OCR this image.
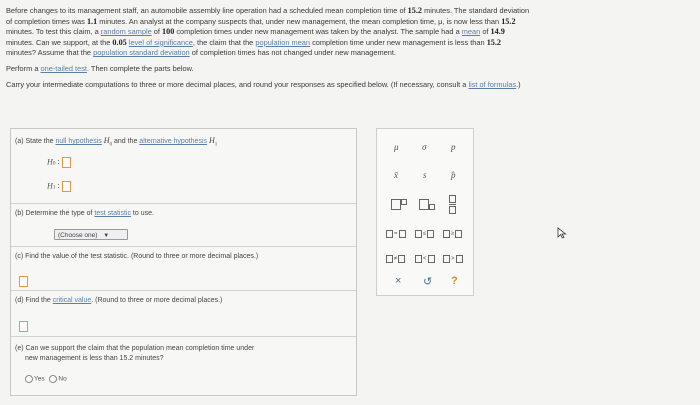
Before changes to its management staff, an automobile assembly line operation had a scheduled mean completion time of 15.2 minutes. The standard deviation

of completion times was 1.1 minutes. An analyst at the company suspects that, under new management, the mean completion time, μ, is now less than 15.2

minutes. To test this claim, a random sample of 100 completion times under new management was taken by the analyst. The sample had a mean of 14.9

minutes. Can we support, at the 0.05 level of significance, the claim that the population mean completion time under new management is less than 15.2

minutes? Assume that the population standard deviation of completion times has not changed under new management.

Perform a one-tailed test. Then complete the parts below.

Carry your intermediate computations to three or more decimal places, and round your responses as specified below. (If necessary, consult a list of formulas.)

(a) State the null hypothesis $H_0$ and the alternative hypothesis $H_1$
H0 :
H1 :
(b) Determine the type of test statistic to use.
(Choose one) ▼
(c) Find the value of the test statistic. (Round to three or more decimal places.)
(d) Find the critical value. (Round to three or more decimal places.)
(e) Can we support the claim that the population mean completion time under
new management is less than 15.2 minutes?
Yes No
μ	σ	p
x̄	s	p̂
=	≤	≥
≠	<	>
× ↺ ?
